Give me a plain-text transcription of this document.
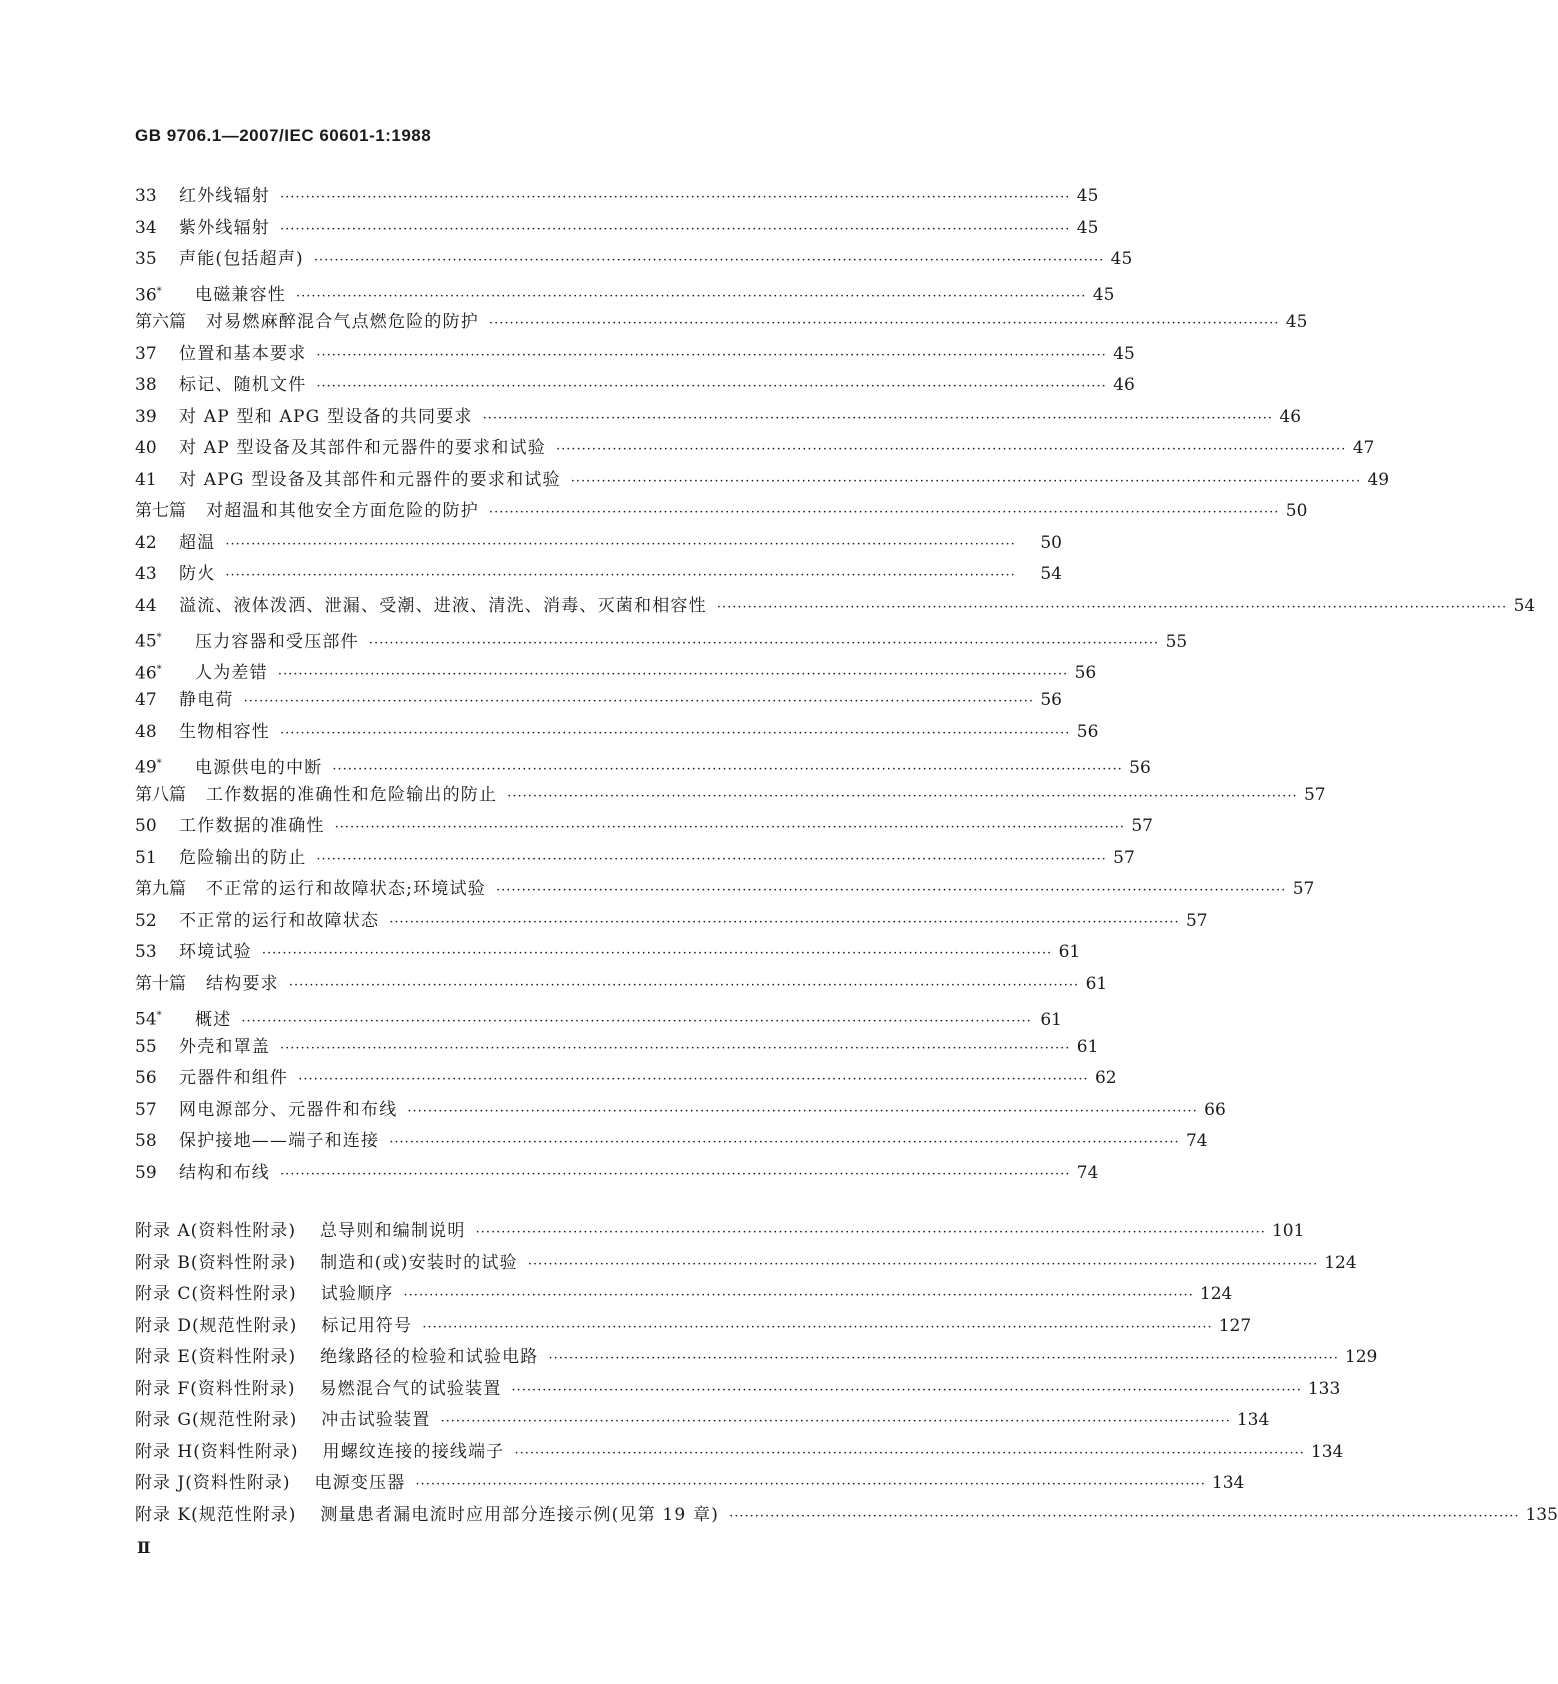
GB 9706.1—2007/IEC 60601-1:1988
33	红外线辐射 ·························································································································································· 45
34	紫外线辐射 ·························································································································································· 45
35	声能(包括超声) ·························································································································································· 45
36*	电磁兼容性 ·························································································································································· 45
第六篇 对易燃麻醉混合气点燃危险的防护 ·························································································································································· 45
37	位置和基本要求 ·························································································································································· 45
38	标记、随机文件 ·························································································································································· 46
39	对 AP 型和 APG 型设备的共同要求 ·························································································································································· 46
40	对 AP 型设备及其部件和元器件的要求和试验 ·························································································································································· 47
41	对 APG 型设备及其部件和元器件的要求和试验 ·························································································································································· 49
第七篇 对超温和其他安全方面危险的防护 ·························································································································································· 50
42	超温 ··························································································································································	50
43	防火 ··························································································································································	54
44	溢流、液体泼洒、泄漏、受潮、进液、清洗、消毒、灭菌和相容性 ·························································································································································· 54
45*	压力容器和受压部件 ·························································································································································· 55
46*	人为差错 ·························································································································································· 56
47	静电荷 ·························································································································································· 56
48	生物相容性 ·························································································································································· 56
49*	电源供电的中断 ·························································································································································· 56
第八篇 工作数据的准确性和危险输出的防止 ·························································································································································· 57
50	工作数据的准确性 ·························································································································································· 57
51	危险输出的防止 ·························································································································································· 57
第九篇 不正常的运行和故障状态;环境试验 ·························································································································································· 57
52	不正常的运行和故障状态 ·························································································································································· 57
53	环境试验 ·························································································································································· 61
第十篇 结构要求 ·························································································································································· 61
54*	概述 ·························································································································································· 61
55	外壳和罩盖 ·························································································································································· 61
56	元器件和组件 ·························································································································································· 62
57	网电源部分、元器件和布线 ·························································································································································· 66
58	保护接地——端子和连接 ·························································································································································· 74
59	结构和布线 ·························································································································································· 74
附录 A(资料性附录) 总导则和编制说明 ·························································································································································· 101
附录 B(资料性附录) 制造和(或)安装时的试验 ·························································································································································· 124
附录 C(资料性附录) 试验顺序 ·························································································································································· 124
附录 D(规范性附录) 标记用符号 ·························································································································································· 127
附录 E(资料性附录) 绝缘路径的检验和试验电路 ·························································································································································· 129
附录 F(资料性附录) 易燃混合气的试验装置 ·························································································································································· 133
附录 G(规范性附录) 冲击试验装置 ·························································································································································· 134
附录 H(资料性附录) 用螺纹连接的接线端子 ·························································································································································· 134
附录 J(资料性附录) 电源变压器 ·························································································································································· 134
附录 K(规范性附录) 测量患者漏电流时应用部分连接示例(见第 19 章) ·························································································································································· 135
Ⅱ
